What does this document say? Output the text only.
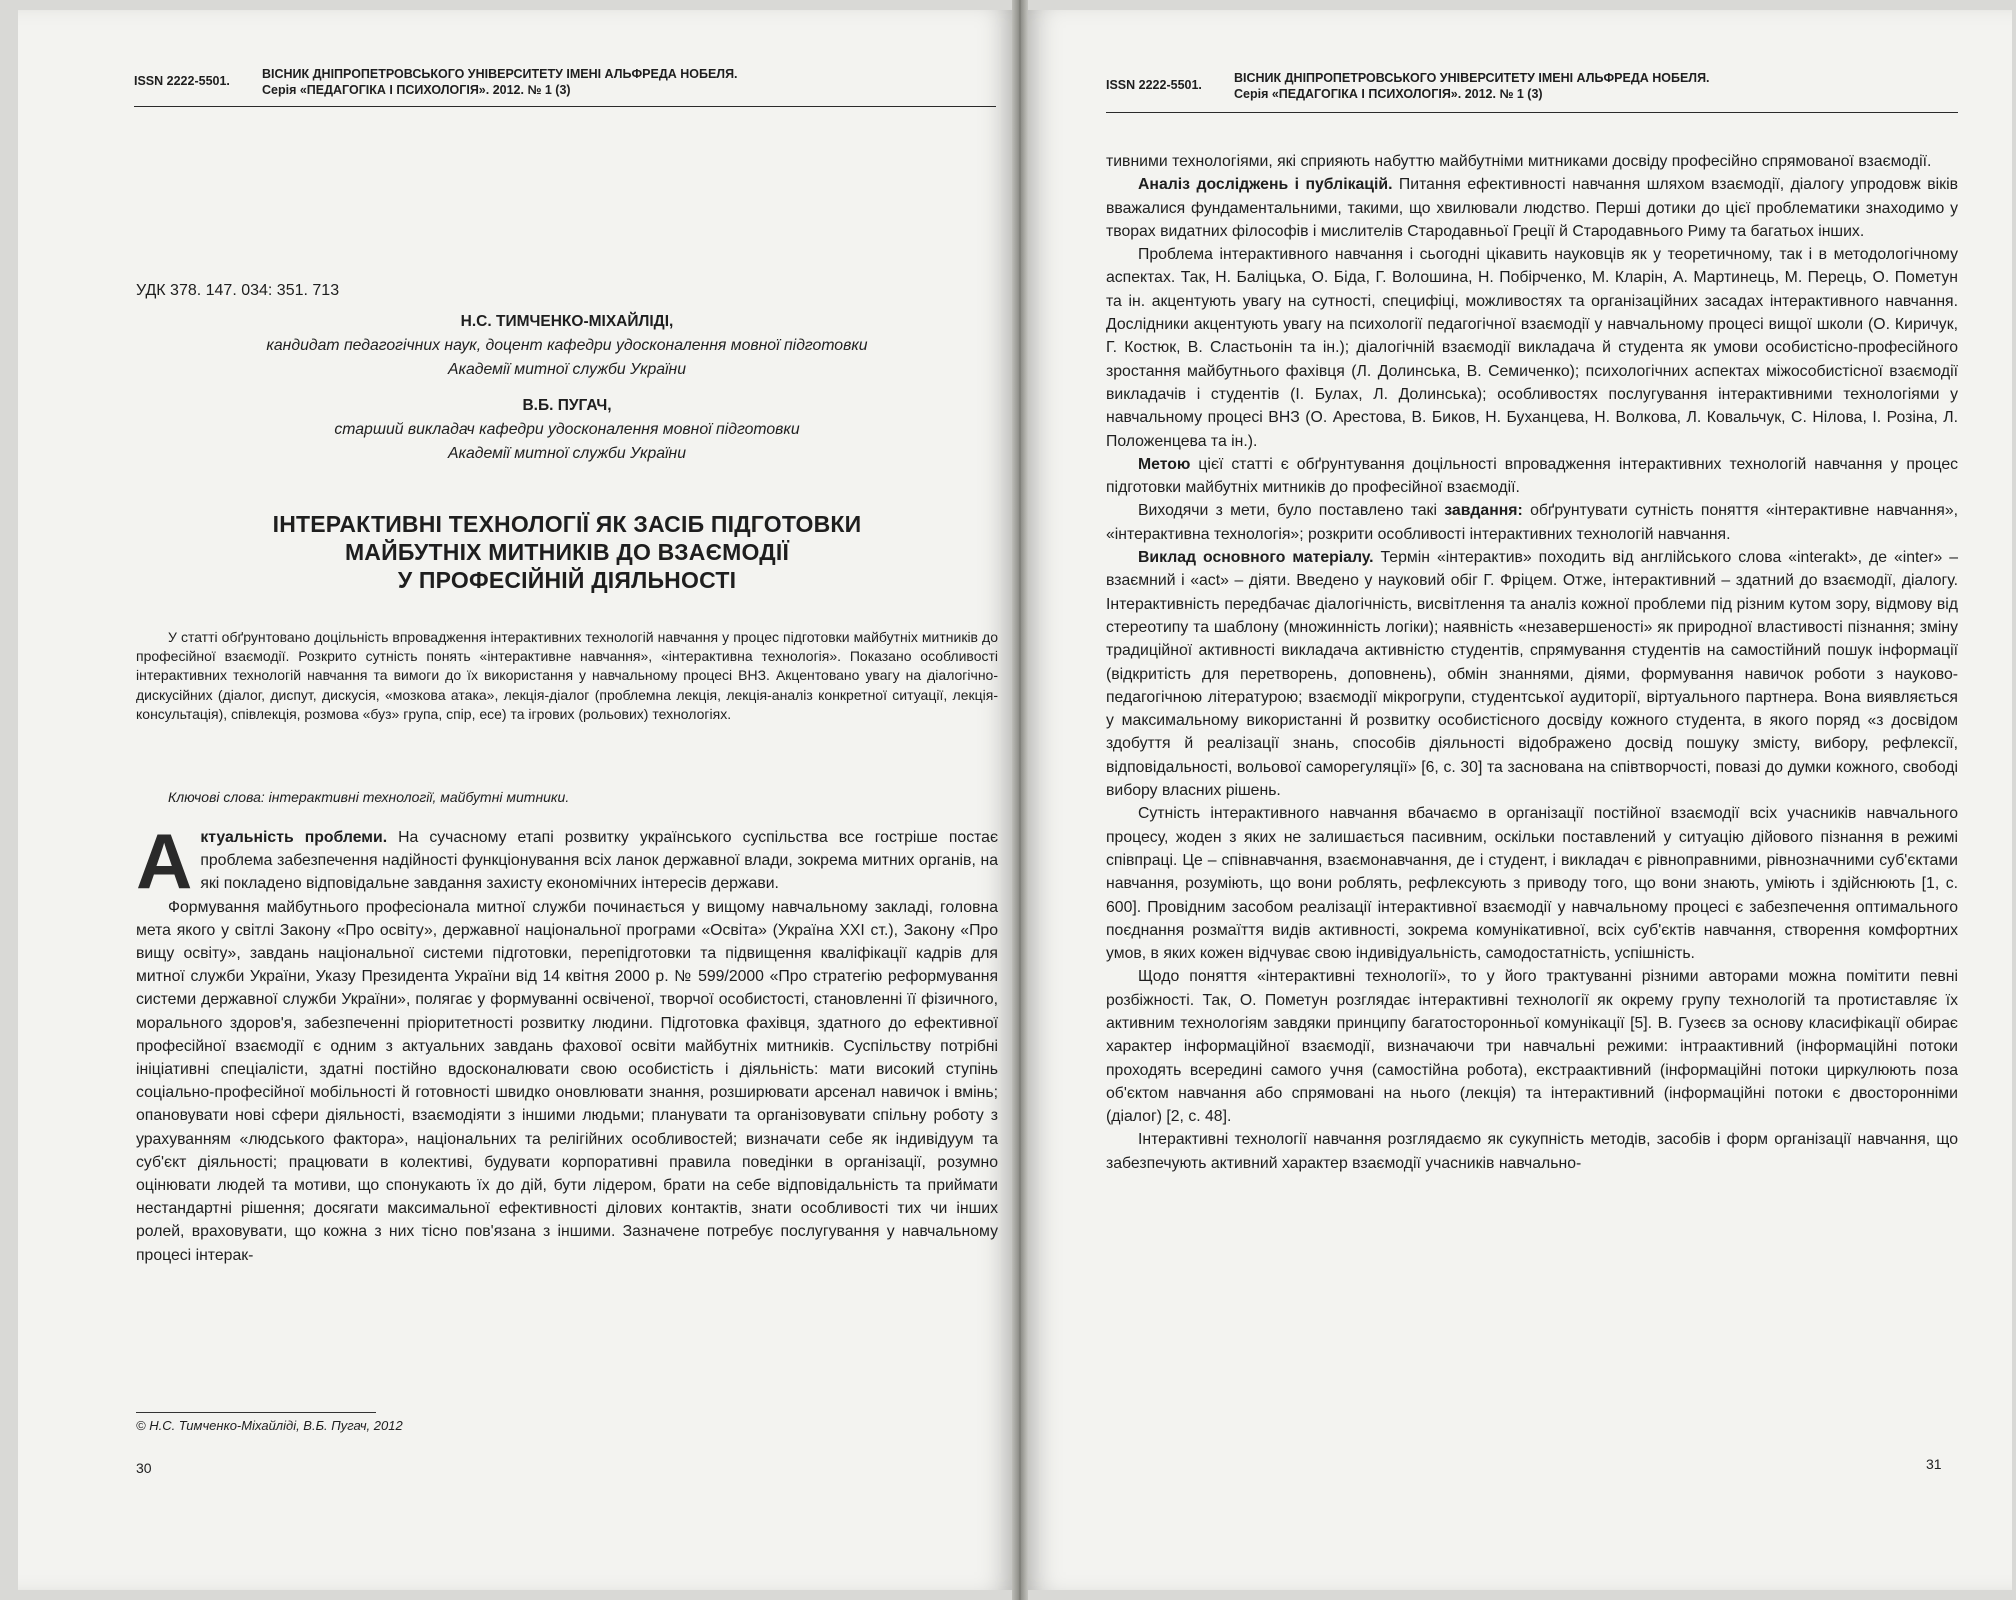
ISSN 2222-5501.	ВІСНИК ДНІПРОПЕТРОВСЬКОГО УНІВЕРСИТЕТУ ІМЕНІ АЛЬФРЕДА НОБЕЛЯ.
Серія «ПЕДАГОГІКА І ПСИХОЛОГІЯ». 2012. № 1 (3)
УДК 378. 147. 034: 351. 713

Н.С. ТИМЧЕНКО-МІХАЙЛІДІ,

кандидат педагогічних наук, доцент кафедри удосконалення мовної підготовки

Академії митної служби України

В.Б. ПУГАЧ,

старший викладач кафедри удосконалення мовної підготовки

Академії митної служби України

ІНТЕРАКТИВНІ ТЕХНОЛОГІЇ ЯК ЗАСІБ ПІДГОТОВКИ

МАЙБУТНІХ МИТНИКІВ ДО ВЗАЄМОДІЇ

У ПРОФЕСІЙНІЙ ДІЯЛЬНОСТІ

У статті обґрунтовано доцільність впровадження інтерактивних технологій навчання у процес підготовки майбутніх митників до професійної взаємодії. Розкрито сутність понять «інтерактивне навчання», «інтерактивна технологія». Показано особливості інтерактивних технологій навчання та вимоги до їх використання у навчальному процесі ВНЗ. Акцентовано увагу на діалогічно-дискусійних (діалог, диспут, дискусія, «мозкова атака», лекція-діалог (проблемна лекція, лекція-аналіз конкретної ситуації, лекція-консультація), співлекція, розмова «буз» група, спір, есе) та ігрових (рольових) технологіях.

Ключові слова: інтерактивні технології, майбутні митники.

Актуальність проблеми. На сучасному етапі розвитку українського суспільства все гостріше постає проблема забезпечення надійності функціонування всіх ланок державної влади, зокрема митних органів, на які покладено відповідальне завдання захисту економічних інтересів держави.

Формування майбутнього професіонала митної служби починається у вищому навчальному закладі, головна мета якого у світлі Закону «Про освіту», державної національної програми «Освіта» (Україна XXI ст.), Закону «Про вищу освіту», завдань національної системи підготовки, перепідготовки та підвищення кваліфікації кадрів для митної служби України, Указу Президента України від 14 квітня 2000 р. № 599/2000 «Про стратегію реформування системи державної служби України», полягає у формуванні освіченої, творчої особистості, становленні її фізичного, морального здоров'я, забезпеченні пріоритетності розвитку людини. Підготовка фахівця, здатного до ефективної професійної взаємодії є одним з актуальних завдань фахової освіти майбутніх митників. Суспільству потрібні ініціативні спеціалісти, здатні постійно вдосконалювати свою особистість і діяльність: мати високий ступінь соціально-професійної мобільності й готовності швидко оновлювати знання, розширювати арсенал навичок і вмінь; опановувати нові сфери діяльності, взаємодіяти з іншими людьми; планувати та організовувати спільну роботу з урахуванням «людського фактора», національних та релігійних особливостей; визначати себе як індивідуум та суб'єкт діяльності; працювати в колективі, будувати корпоративні правила поведінки в організації, розумно оцінювати людей та мотиви, що спонукають їх до дій, бути лідером, брати на себе відповідальність та приймати нестандартні рішення; досягати максимальної ефективності ділових контактів, знати особливості тих чи інших ролей, враховувати, що кожна з них тісно пов'язана з іншими. Зазначене потребує послугування у навчальному процесі інтерак-

© Н.С. Тимченко-Міхайліді, В.Б. Пугач, 2012
30
ISSN 2222-5501.	ВІСНИК ДНІПРОПЕТРОВСЬКОГО УНІВЕРСИТЕТУ ІМЕНІ АЛЬФРЕДА НОБЕЛЯ.
Серія «ПЕДАГОГІКА І ПСИХОЛОГІЯ». 2012. № 1 (3)

тивними технологіями, які сприяють набуттю майбутніми митниками досвіду професійно спрямованої взаємодії.

Аналіз досліджень і публікацій. Питання ефективності навчання шляхом взаємодії, діалогу упродовж віків вважалися фундаментальними, такими, що хвилювали людство. Перші дотики до цієї проблематики знаходимо у творах видатних філософів і мислителів Стародавньої Греції й Стародавнього Риму та багатьох інших.

Проблема інтерактивного навчання і сьогодні цікавить науковців як у теоретичному, так і в методологічному аспектах. Так, Н. Баліцька, О. Біда, Г. Волошина, Н. Побірченко, М. Кларін, А. Мартинець, М. Перець, О. Пометун та ін. акцентують увагу на сутності, специфіці, можливостях та організаційних засадах інтерактивного навчання. Дослідники акцентують увагу на психології педагогічної взаємодії у навчальному процесі вищої школи (О. Киричук, Г. Костюк, В. Сластьонін та ін.); діалогічній взаємодії викладача й студента як умови особистісно-професійного зростання майбутнього фахівця (Л. Долинська, В. Семиченко); психологічних аспектах міжособистісної взаємодії викладачів і студентів (І. Булах, Л. Долинська); особливостях послугування інтерактивними технологіями у навчальному процесі ВНЗ (О. Арестова, В. Биков, Н. Буханцева, Н. Волкова, Л. Ковальчук, С. Нілова, І. Розіна, Л. Положенцева та ін.).

Метою цієї статті є обґрунтування доцільності впровадження інтерактивних технологій навчання у процес підготовки майбутніх митників до професійної взаємодії.

Виходячи з мети, було поставлено такі завдання: обґрунтувати сутність поняття «інтерактивне навчання», «інтерактивна технологія»; розкрити особливості інтерактивних технологій навчання.

Виклад основного матеріалу. Термін «інтерактив» походить від англійського слова «interakt», де «inter» – взаємний і «act» – діяти. Введено у науковий обіг Г. Фріцем. Отже, інтерактивний – здатний до взаємодії, діалогу. Інтерактивність передбачає діалогічність, висвітлення та аналіз кожної проблеми під різним кутом зору, відмову від стереотипу та шаблону (множинність логіки); наявність «незавершеності» як природної властивості пізнання; зміну традиційної активності викладача активністю студентів, спрямування студентів на самостійний пошук інформації (відкритість для перетворень, доповнень), обмін знаннями, діями, формування навичок роботи з науково-педагогічною літературою; взаємодії мікрогрупи, студентської аудиторії, віртуального партнера. Вона виявляється у максимальному використанні й розвитку особистісного досвіду кожного студента, в якого поряд «з досвідом здобуття й реалізації знань, способів діяльності відображено досвід пошуку змісту, вибору, рефлексії, відповідальності, вольової саморегуляції» [6, с. 30] та заснована на співтворчості, повазі до думки кожного, свободі вибору власних рішень.

Сутність інтерактивного навчання вбачаємо в організації постійної взаємодії всіх учасників навчального процесу, жоден з яких не залишається пасивним, оскільки поставлений у ситуацію дійового пізнання в режимі співпраці. Це – співнавчання, взаємонавчання, де і студент, і викладач є рівноправними, рівнозначними суб'єктами навчання, розуміють, що вони роблять, рефлексують з приводу того, що вони знають, уміють і здійснюють [1, с. 600]. Провідним засобом реалізації інтерактивної взаємодії у навчальному процесі є забезпечення оптимального поєднання розмаїття видів активності, зокрема комунікативної, всіх суб'єктів навчання, створення комфортних умов, в яких кожен відчуває свою індивідуальність, самодостатність, успішність.

Щодо поняття «інтерактивні технології», то у його трактуванні різними авторами можна помітити певні розбіжності. Так, О. Пометун розглядає інтерактивні технології як окрему групу технологій та протиставляє їх активним технологіям завдяки принципу багатосторонньої комунікації [5]. В. Гузеєв за основу класифікації обирає характер інформаційної взаємодії, визначаючи три навчальні режими: інтраактивний (інформаційні потоки проходять всередині самого учня (самостійна робота), екстраактивний (інформаційні потоки циркулюють поза об'єктом навчання або спрямовані на нього (лекція) та інтерактивний (інформаційні потоки є двосторонніми (діалог) [2, с. 48].

Інтерактивні технології навчання розглядаємо як сукупність методів, засобів і форм організації навчання, що забезпечують активний характер взаємодії учасників навчально-

31
